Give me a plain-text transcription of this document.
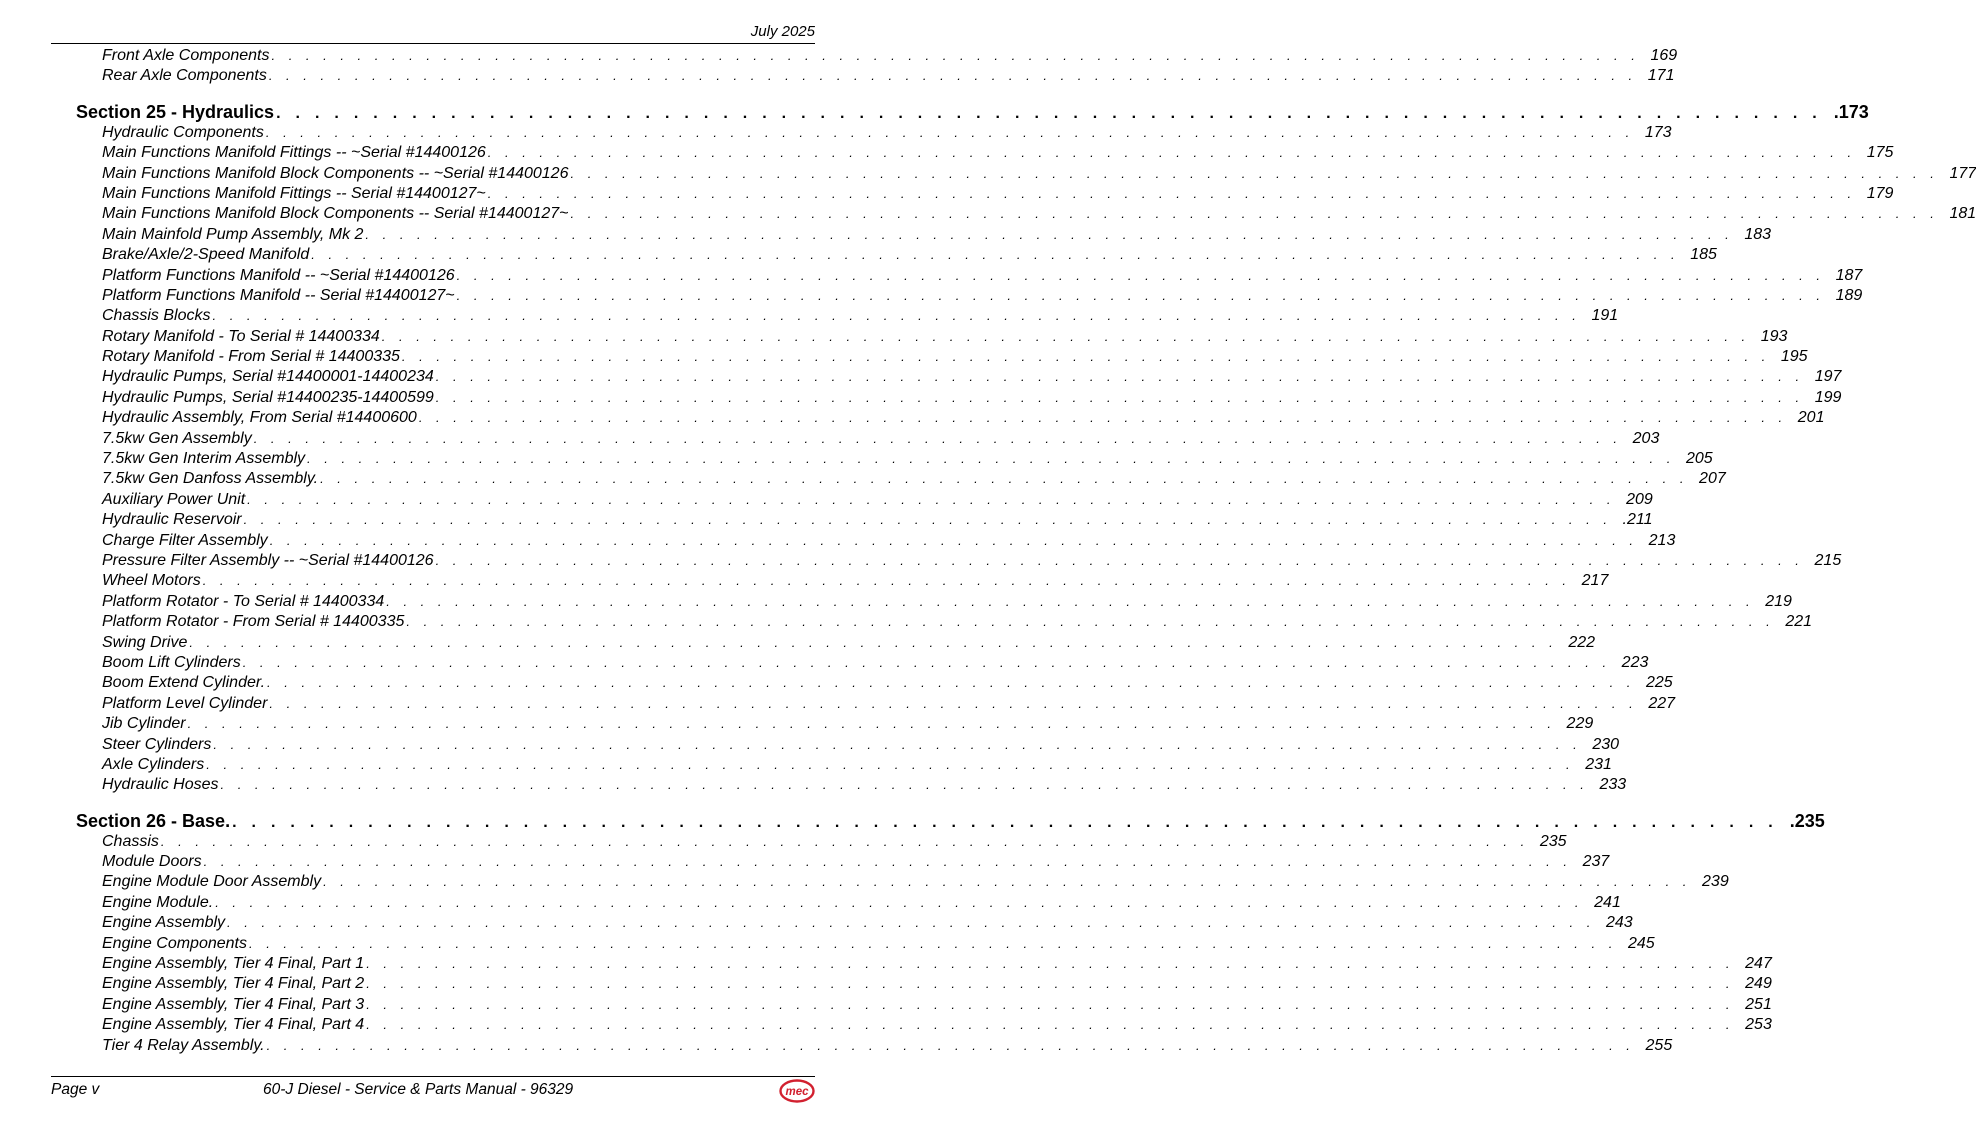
July 2025
Front Axle Components ................................................................................ 169
Rear Axle Components ................................................................................ 171
Section 25 - Hydraulics ................................................................................ .173
Hydraulic Components ................................................................................ 173
Main Functions Manifold Fittings -- ~Serial #14400126 ................................................................................ 175
Main Functions Manifold Block Components -- ~Serial #14400126 ................................................................................ 177
Main Functions Manifold Fittings -- Serial #14400127~ ................................................................................ 179
Main Functions Manifold Block Components -- Serial #14400127~ ................................................................................ 181
Main Mainfold Pump Assembly, Mk 2 ................................................................................ 183
Brake/Axle/2-Speed Manifold ................................................................................ 185
Platform Functions Manifold -- ~Serial #14400126 ................................................................................ 187
Platform Functions Manifold -- Serial #14400127~ ................................................................................ 189
Chassis Blocks ................................................................................ 191
Rotary Manifold - To Serial # 14400334 ................................................................................ 193
Rotary Manifold - From Serial # 14400335 ................................................................................ 195
Hydraulic Pumps, Serial #14400001-14400234 ................................................................................ 197
Hydraulic Pumps, Serial #14400235-14400599 ................................................................................ 199
Hydraulic Assembly, From Serial #14400600 ................................................................................ 201
7.5kw Gen Assembly ................................................................................ 203
7.5kw Gen Interim Assembly ................................................................................ 205
7.5kw Gen Danfoss Assembly. ................................................................................ 207
Auxiliary Power Unit ................................................................................ 209
Hydraulic Reservoir ................................................................................ .211
Charge Filter Assembly ................................................................................ 213
Pressure Filter Assembly -- ~Serial #14400126 ................................................................................ 215
Wheel Motors ................................................................................ 217
Platform Rotator - To Serial # 14400334 ................................................................................ 219
Platform Rotator - From Serial # 14400335 ................................................................................ 221
Swing Drive ................................................................................ 222
Boom Lift Cylinders ................................................................................ 223
Boom Extend Cylinder. ................................................................................ 225
Platform Level Cylinder ................................................................................ 227
Jib Cylinder ................................................................................ 229
Steer Cylinders ................................................................................ 230
Axle Cylinders ................................................................................ 231
Hydraulic Hoses ................................................................................ 233
Section 26 - Base. ................................................................................ .235
Chassis ................................................................................ 235
Module Doors ................................................................................ 237
Engine Module Door Assembly ................................................................................ 239
Engine Module. ................................................................................ 241
Engine Assembly ................................................................................ 243
Engine Components ................................................................................ 245
Engine Assembly, Tier 4 Final, Part 1 ................................................................................ 247
Engine Assembly, Tier 4 Final, Part 2 ................................................................................ 249
Engine Assembly, Tier 4 Final, Part 3 ................................................................................ 251
Engine Assembly, Tier 4 Final, Part 4 ................................................................................ 253
Tier 4 Relay Assembly. ................................................................................ 255
Page v	60-J Diesel - Service & Parts Manual - 96329	mec
